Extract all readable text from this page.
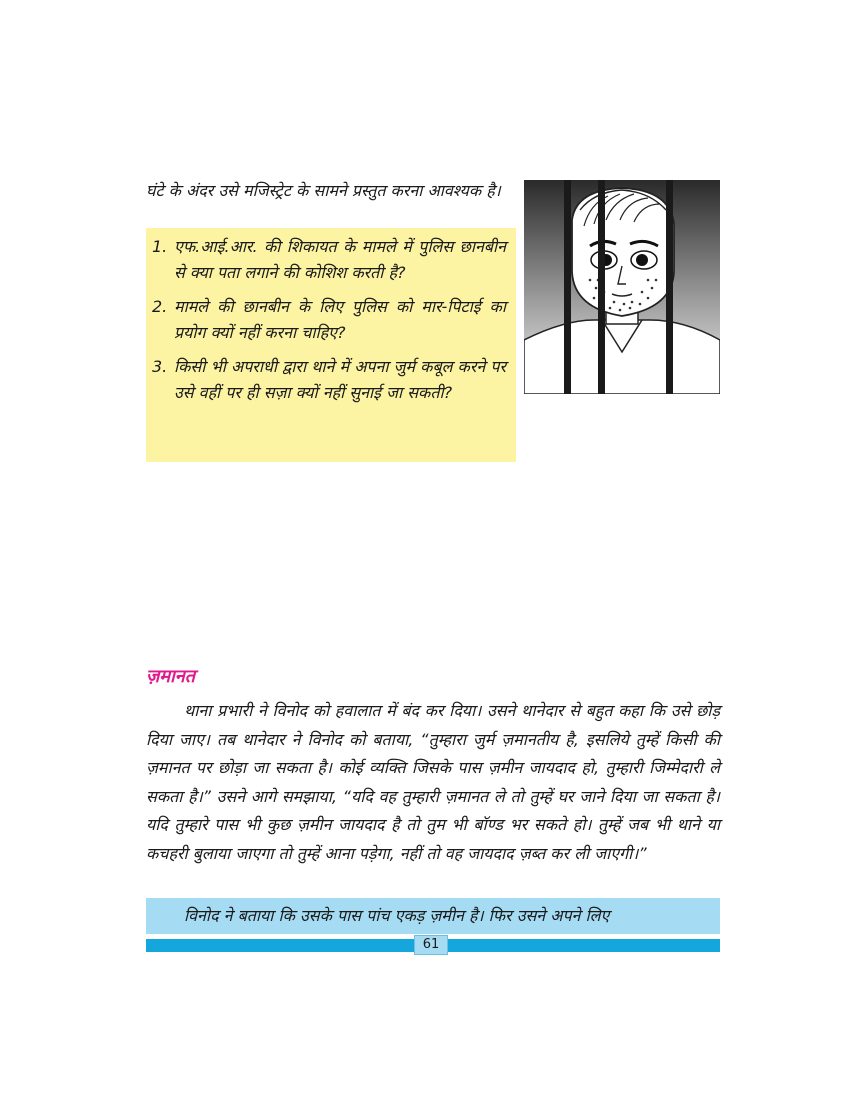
घंटे के अंदर उसे मजिस्ट्रेट के सामने प्रस्तुत करना आवश्यक है।
1. एफ.आई.आर. की शिकायत के मामले में पुलिस छानबीन से क्या पता लगाने की कोशिश करती है?
2. मामले की छानबीन के लिए पुलिस को मार-पिटाई का प्रयोग क्यों नहीं करना चाहिए?
3. किसी भी अपराधी द्वारा थाने में अपना जुर्म कबूल करने पर उसे वहीं पर ही सज़ा क्यों नहीं सुनाई जा सकती?
ज़मानत
थाना प्रभारी ने विनोद को हवालात में बंद कर दिया। उसने थानेदार से बहुत कहा कि उसे छोड़ दिया जाए। तब थानेदार ने विनोद को बताया, “तुम्हारा जुर्म ज़मानतीय है, इसलिये तुम्हें किसी की ज़मानत पर छोड़ा जा सकता है। कोई व्यक्ति जिसके पास ज़मीन जायदाद हो, तुम्हारी जिम्मेदारी ले सकता है।” उसने आगे समझाया, “यदि वह तुम्हारी ज़मानत ले तो तुम्हें घर जाने दिया जा सकता है। यदि तुम्हारे पास भी कुछ ज़मीन जायदाद है तो तुम भी बॉण्ड भर सकते हो। तुम्हें जब भी थाने या कचहरी बुलाया जाएगा तो तुम्हें आना पड़ेगा, नहीं तो वह जायदाद ज़ब्त कर ली जाएगी।”
विनोद ने बताया कि उसके पास पांच एकड़ ज़मीन है। फिर उसने अपने लिए
61
